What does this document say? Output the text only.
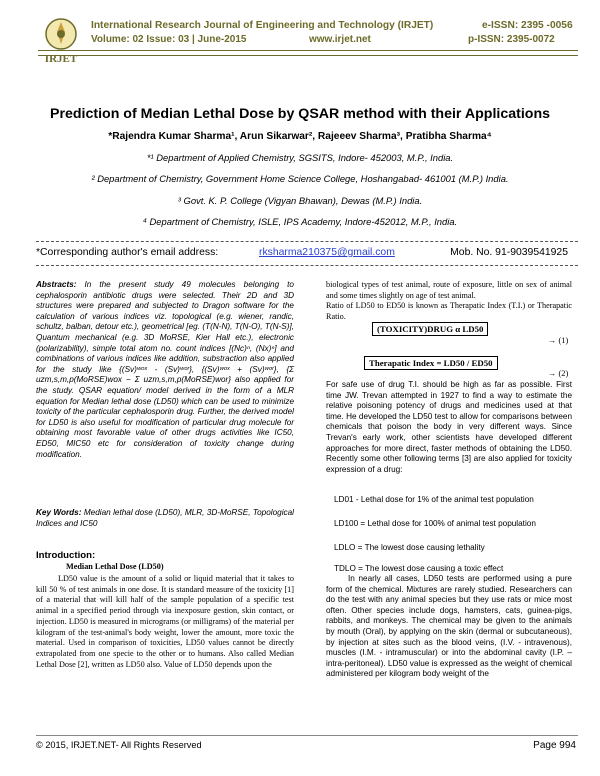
IRJET
International Research Journal of Engineering and Technology (IRJET)	e-ISSN: 2395 -0056
Volume: 02 Issue: 03 | June-2015	www.irjet.net	p-ISSN: 2395-0072
Prediction of Median Lethal Dose by QSAR method with their Applications
*Rajendra Kumar Sharma¹, Arun Sikarwar², Rajeeev Sharma³, Pratibha Sharma⁴
*¹ Department of Applied Chemistry, SGSITS, Indore- 452003, M.P., India.
² Department of Chemistry, Government Home Science College, Hoshangabad- 461001 (M.P.) India.
³ Govt. K. P. College (Vigyan Bhawan), Dewas (M.P.) India.
⁴ Department of Chemistry, ISLE, IPS Academy, Indore-452012, M.P., India.
*Corresponding author's email address:	rksharma210375@gmail.com	Mob. No. 91-9039541925
Abstracts: In the present study 49 molecules belonging to cephalosporin antibiotic drugs were selected. Their 2D and 3D structures were prepared and subjected to Dragon software for the calculation of various indices viz. topological (e.g. wiener, randic, schultz, balban, detour etc.), geometrical [eg. (T(N-N), T(N-O), T(N-S)], Quantum mechanical (e.g. 3D MoRSE, Kier Hall etc.), electronic (polarizability), simple total atom no. count indices [(Nc)ⁿ, (Nx)ⁿ] and combinations of various indices like addition, substraction also applied for the study like {(Sv)ʷᵒˣ - (Sv)ʷᵒʳ}, {(Sv)ʷᵒˣ + (Sv)ʷᵒʳ}, {Σ uzm,s,m,p(MoRSE)wox − Σ uzm,s,m,p(MoRSE)wor} also applied for the study. QSAR equation/ model derived in the form of a MLR equation for Median lethal dose (LD50) which can be used to minimize toxicity of the particular cephalosporin drug. Further, the derived model for LD50 is also useful for modification of particular drug molecule for obtaining most favorable value of other drugs activities like IC50, ED50, MIC50 etc for consideration of toxicity change during modification.
Key Words: Median lethal dose (LD50), MLR, 3D-MoRSE, Topological Indices and IC50
Introduction:
Median Lethal Dose (LD50)
LD50 value is the amount of a solid or liquid material that it takes to kill 50 % of test animals in one dose. It is standard measure of the toxicity [1] of a material that will kill half of the sample population of a specific test animal in a specified period through via inexposure gestion, skin contact, or injection. LD50 is measured in micrograms (or milligrams) of the material per kilogram of the test-animal's body weight, lower the amount, more toxic the material. Used in comparison of toxicities, LD50 values cannot be directly extrapolated from one specie to the other or to humans. Also called Median Lethal Dose [2], written as LD50 also. Value of LD50 depends upon the
biological types of test animal, route of exposure, little on sex of animal and some times slightly on age of test animal.
Ratio of LD50 to ED50 is known as Therapatic Index (T.I.) or Therapatic Ratio.
(TOXICITY)DRUG α LD50
→ (1)
Therapatic Index = LD50 / ED50
→ (2)
For safe use of drug T.I. should be high as far as possible. First time JW. Trevan attempted in 1927 to find a way to estimate the relative poisoning potency of drugs and medicines used at that time. He developed the LD50 test to allow for comparisons between chemicals that poison the body in very different ways. Since Trevan's early work, other scientists have developed different approaches for more direct, faster methods of obtaining the LD50. Recently some other following terms [3] are also applied for toxicity expression of a drug:
LD01 - Lethal dose for 1% of the animal test population
LD100 = Lethal dose for 100% of animal test population
LDLO = The lowest dose causing lethality
TDLO = The lowest dose causing a toxic effect
In nearly all cases, LD50 tests are performed using a pure form of the chemical. Mixtures are rarely studied. Researchers can do the test with any animal species but they use rats or mice most often. Other species include dogs, hamsters, cats, guinea-pigs, rabbits, and monkeys. The chemical may be given to the animals by mouth (Oral), by applying on the skin (dermal or subcutaneous), by injection at sites such as the blood veins, (I.V. - intravenous), muscles (I.M. - intramuscular) or into the abdominal cavity (I.P. – intra-peritoneal). LD50 value is expressed as the weight of chemical administered per kilogram body weight of the
© 2015, IRJET.NET- All Rights Reserved	Page 994
